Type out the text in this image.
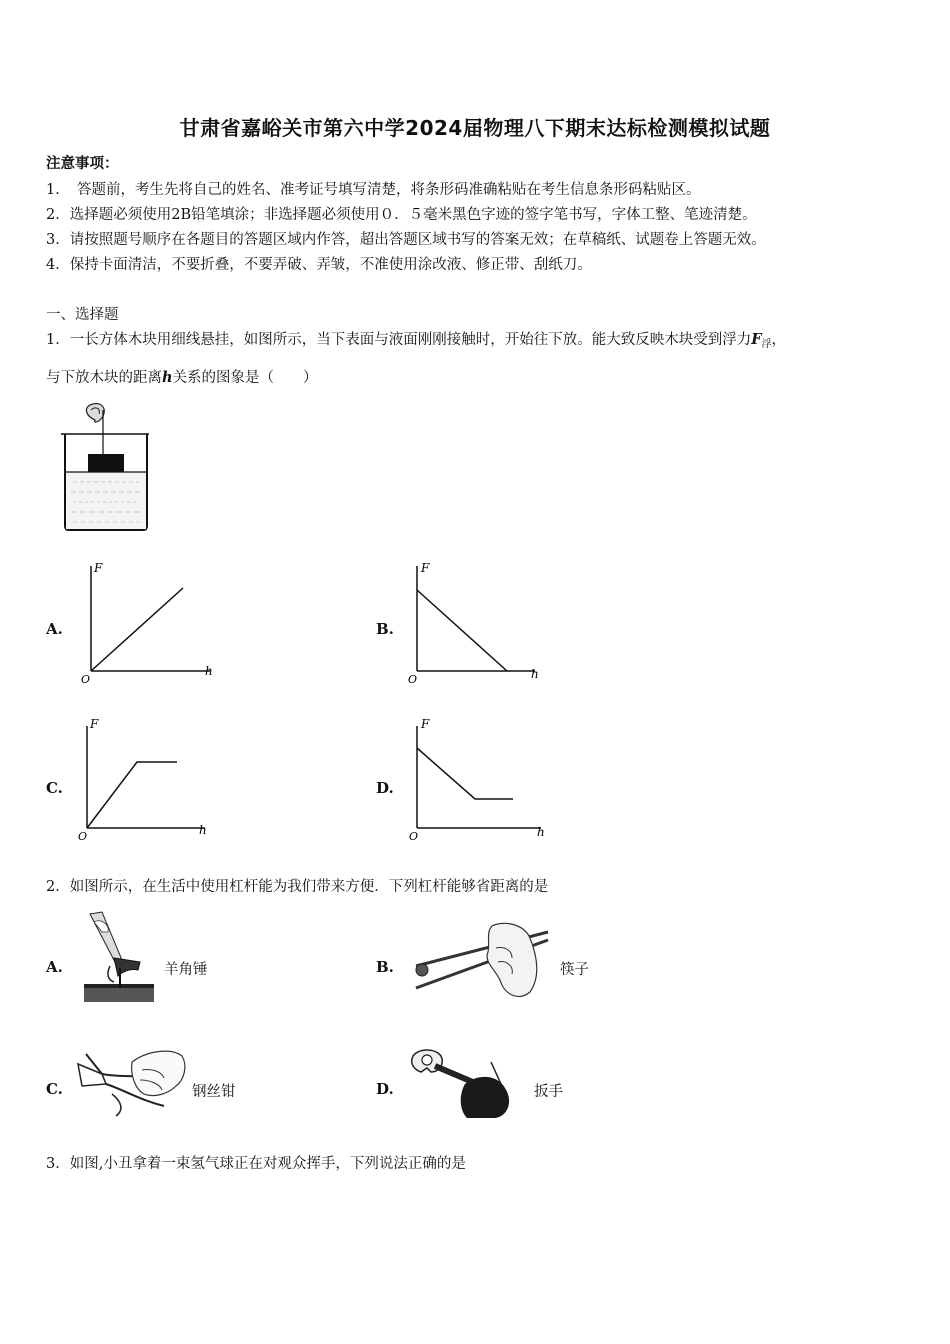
甘肃省嘉峪关市第六中学2024届物理八下期末达标检测模拟试题
注意事项：
1．　答题前，考生先将自己的姓名、准考证号填写清楚，将条形码准确粘贴在考生信息条形码粘贴区。
2．选择题必须使用2B铅笔填涂；非选择题必须使用０．５毫米黑色字迹的签字笔书写，字体工整、笔迹清楚。
3．请按照题号顺序在各题目的答题区域内作答，超出答题区域书写的答案无效；在草稿纸、试题卷上答题无效。
4．保持卡面清洁，不要折叠，不要弄破、弄皱，不准使用涂改液、修正带、刮纸刀。
一、选择题
1．一长方体木块用细线悬挂，如图所示，当下表面与液面刚刚接触时，开始往下放。能大致反映木块受到浮力$F_浮$，
与下放木块的距离h关系的图象是（　　）
A.
F
h
O
B.
F
h
O
C.
F
h
O
D.
F
h
O
2．如图所示，在生活中使用杠杆能为我们带来方便．下列杠杆能够省距离的是
A.	羊角锤	B.	筷子
C.	钢丝钳	D.	扳手
3．如图,小丑拿着一束氢气球正在对观众挥手，下列说法正确的是
